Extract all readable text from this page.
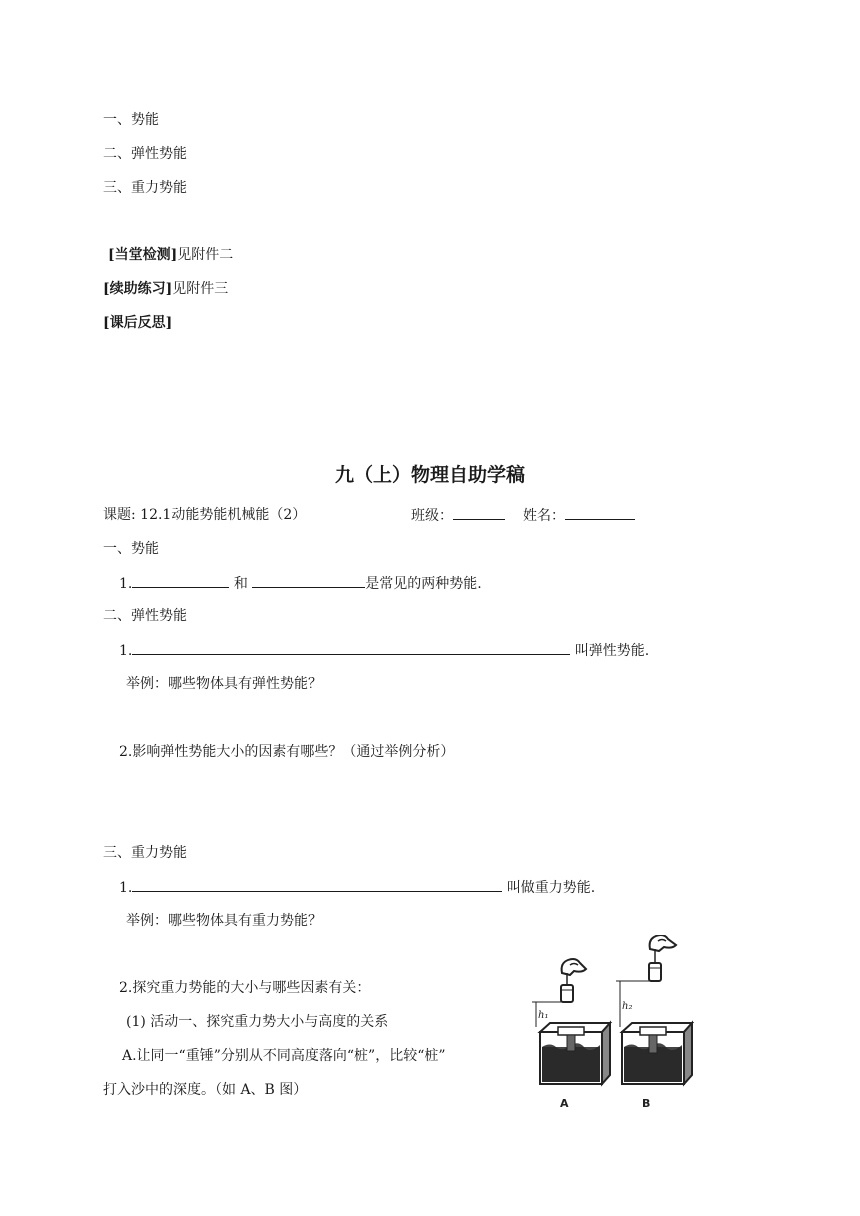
一、势能
二、弹性势能
三、重力势能
[当堂检测]见附件二
[续助练习]见附件三
[课后反思]
九（上）物理自助学稿
课题: 12.1动能势能机械能（2）	班级：	姓名：
一、势能
1.	和	是常见的两种势能.
二、弹性势能
1.	叫弹性势能.
举例：哪些物体具有弹性势能？
2.影响弹性势能大小的因素有哪些？（通过举例分析）
三、重力势能
1.	叫做重力势能.
举例：哪些物体具有重力势能？
2.探究重力势能的大小与哪些因素有关：
(1) 活动一、探究重力势大小与高度的关系
A.让同一“重锤”分别从不同高度落向“桩”，比较“桩”
打入沙中的深度。（如 A、B 图）
h₁
A
h₂
B
